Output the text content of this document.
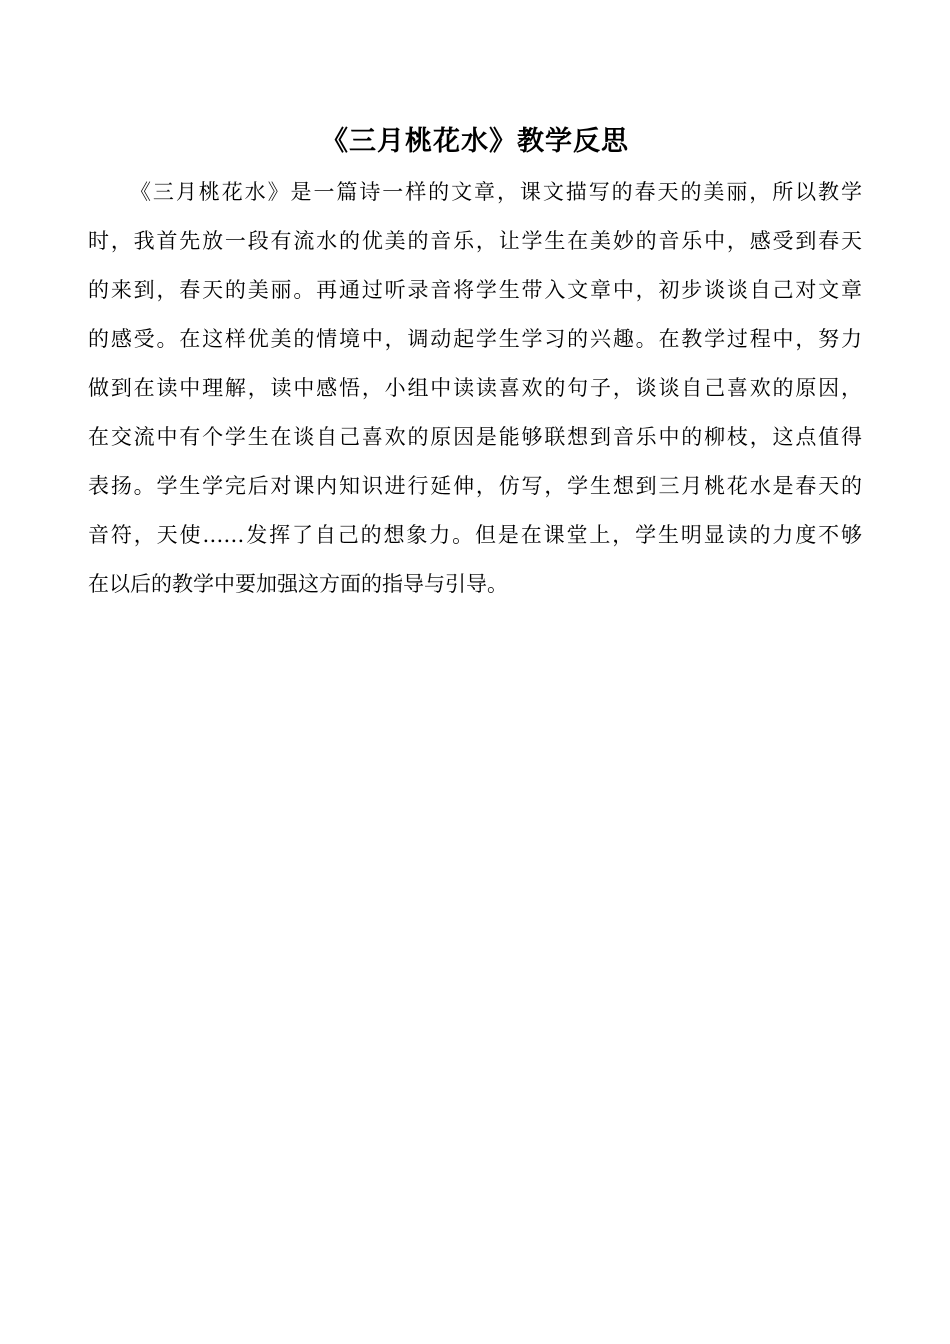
《三月桃花水》教学反思
《三月桃花水》是一篇诗一样的文章，课文描写的春天的美丽，所以教学
时，我首先放一段有流水的优美的音乐，让学生在美妙的音乐中，感受到春天
的来到，春天的美丽。再通过听录音将学生带入文章中，初步谈谈自己对文章
的感受。在这样优美的情境中，调动起学生学习的兴趣。在教学过程中，努力
做到在读中理解，读中感悟，小组中读读喜欢的句子，谈谈自己喜欢的原因，
在交流中有个学生在谈自己喜欢的原因是能够联想到音乐中的柳枝，这点值得
表扬。学生学完后对课内知识进行延伸，仿写，学生想到三月桃花水是春天的
音符，天使……发挥了自己的想象力。但是在课堂上，学生明显读的力度不够
在以后的教学中要加强这方面的指导与引导。
